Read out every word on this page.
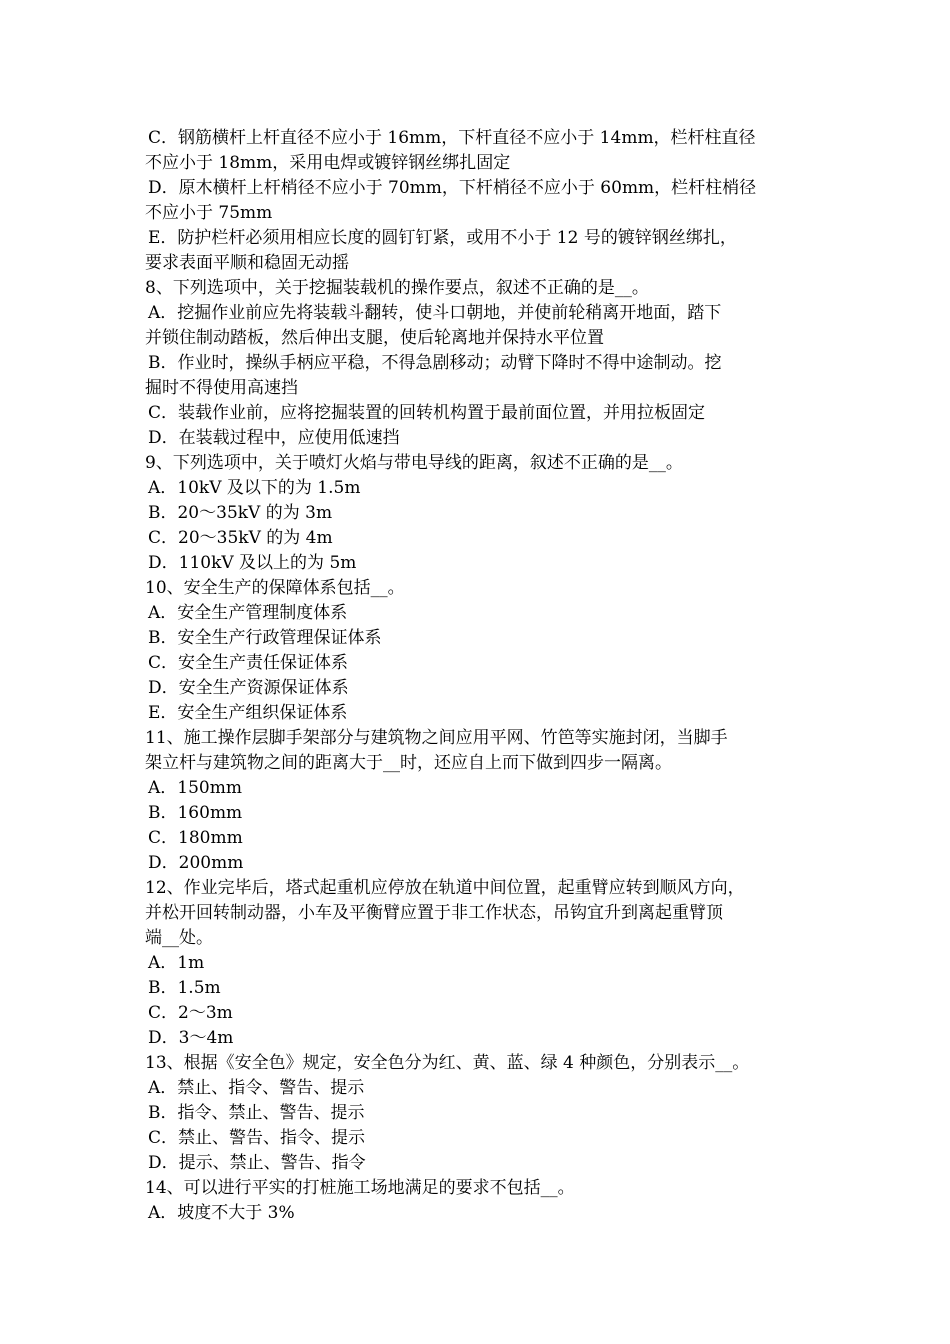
C．钢筋横杆上杆直径不应小于 16mm，下杆直径不应小于 14mm，栏杆柱直径
不应小于 18mm，采用电焊或镀锌钢丝绑扎固定
D．原木横杆上杆梢径不应小于 70mm，下杆梢径不应小于 60mm，栏杆柱梢径
不应小于 75mm
E．防护栏杆必须用相应长度的圆钉钉紧，或用不小于 12 号的镀锌钢丝绑扎，
要求表面平顺和稳固无动摇
8、下列选项中，关于挖掘装载机的操作要点，叙述不正确的是__。
A．挖掘作业前应先将装载斗翻转，使斗口朝地，并使前轮稍离开地面，踏下
并锁住制动踏板，然后伸出支腿，使后轮离地并保持水平位置
B．作业时，操纵手柄应平稳，不得急剧移动；动臂下降时不得中途制动。挖
掘时不得使用高速挡
C．装载作业前，应将挖掘装置的回转机构置于最前面位置，并用拉板固定
D．在装载过程中，应使用低速挡
9、下列选项中，关于喷灯火焰与带电导线的距离，叙述不正确的是__。
A．10kV 及以下的为 1.5m
B．20～35kV 的为 3m
C．20～35kV 的为 4m
D．110kV 及以上的为 5m
10、安全生产的保障体系包括__。
A．安全生产管理制度体系
B．安全生产行政管理保证体系
C．安全生产责任保证体系
D．安全生产资源保证体系
E．安全生产组织保证体系
11、施工操作层脚手架部分与建筑物之间应用平网、竹笆等实施封闭，当脚手
架立杆与建筑物之间的距离大于__时，还应自上而下做到四步一隔离。
A．150mm
B．160mm
C．180mm
D．200mm
12、作业完毕后，塔式起重机应停放在轨道中间位置，起重臂应转到顺风方向，
并松开回转制动器，小车及平衡臂应置于非工作状态，吊钩宜升到离起重臂顶
端__处。
A．1m
B．1.5m
C．2～3m
D．3～4m
13、根据《安全色》规定，安全色分为红、黄、蓝、绿 4 种颜色，分别表示__。
A．禁止、指令、警告、提示
B．指令、禁止、警告、提示
C．禁止、警告、指令、提示
D．提示、禁止、警告、指令
14、可以进行平实的打桩施工场地满足的要求不包括__。
A．坡度不大于 3%
